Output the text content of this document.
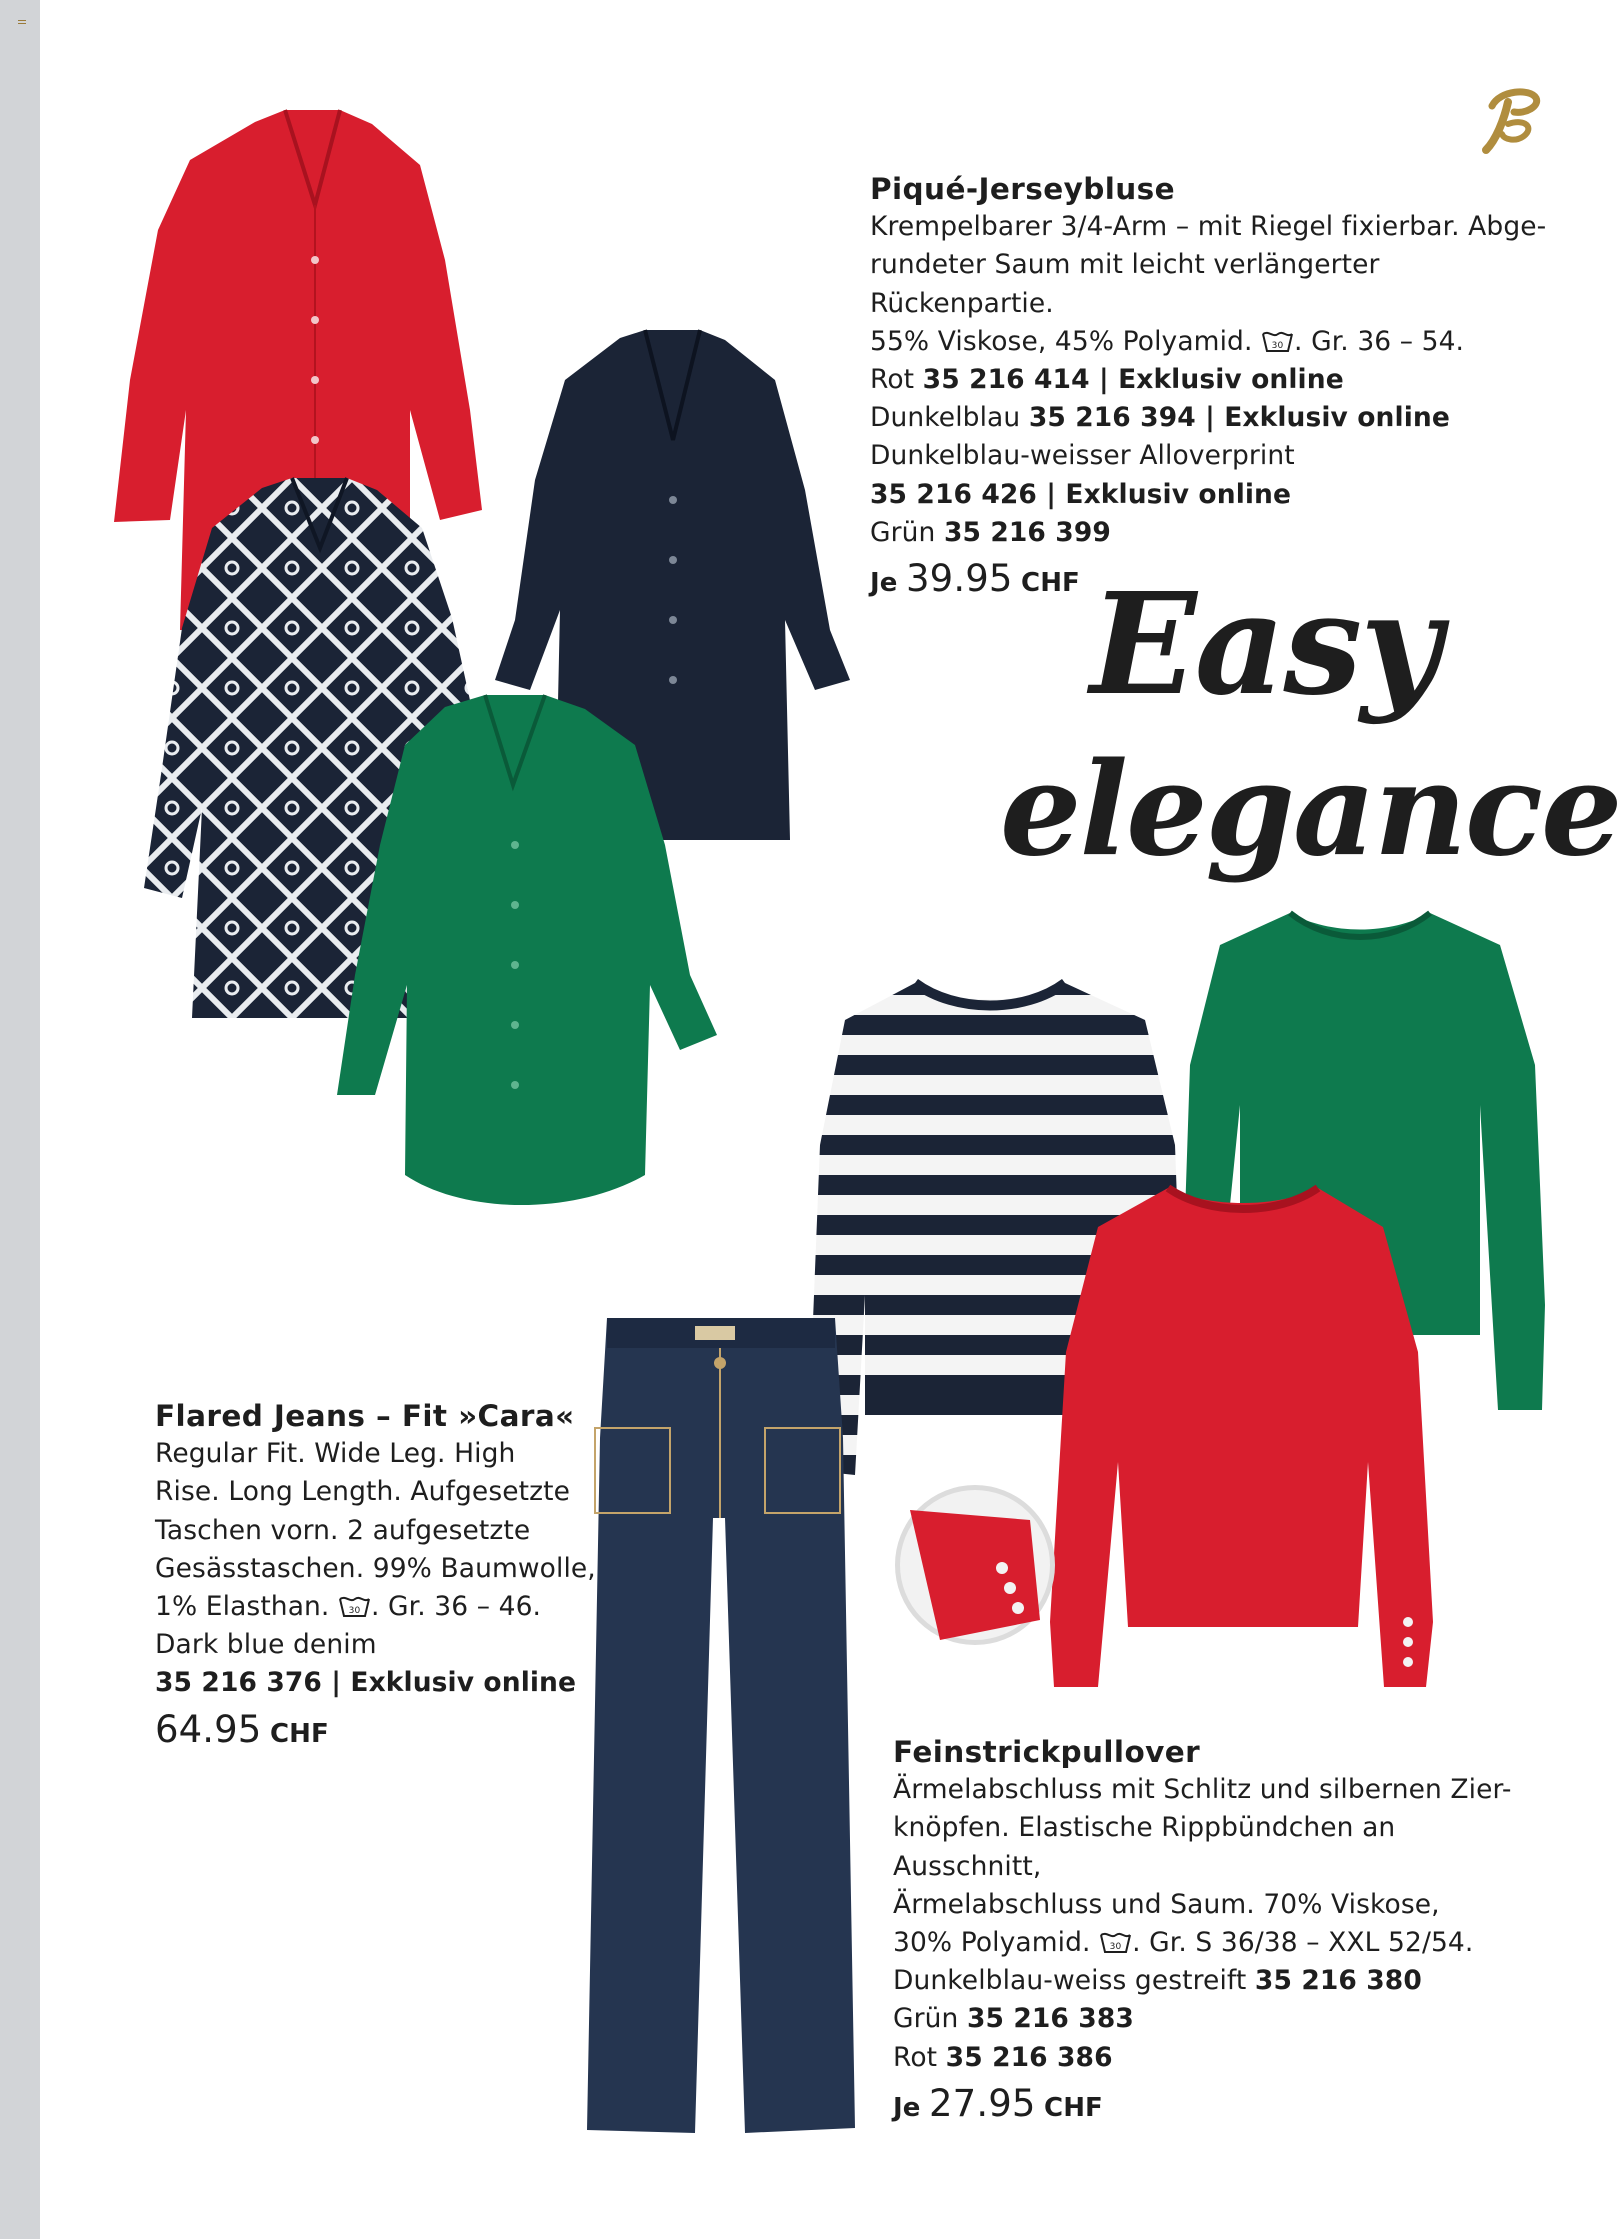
Easy
elegance
Piqué-Jerseybluse
Krempelbarer 3/4-Arm – mit Riegel fixierbar. Abge-
rundeter Saum mit leicht verlängerter Rückenpartie.
55% Viskose, 45% Polyamid. 30 . Gr. 36 – 54.
Rot 35 216 414 | Exklusiv online
Dunkelblau 35 216 394 | Exklusiv online
Dunkelblau-weisser Alloverprint
35 216 426 | Exklusiv online
Grün 35 216 399
Je 39.95 CHF
Flared Jeans – Fit »Cara«
Regular Fit. Wide Leg. High
Rise. Long Length. Aufgesetzte
Taschen vorn. 2 aufgesetzte
Gesässtaschen. 99% Baumwolle,
1% Elasthan. 30 . Gr. 36 – 46.
Dark blue denim
35 216 376 | Exklusiv online
64.95 CHF
Feinstrickpullover
Ärmelabschluss mit Schlitz und silbernen Zier-
knöpfen. Elastische Rippbündchen an Ausschnitt,
Ärmelabschluss und Saum. 70% Viskose,
30% Polyamid. 30 . Gr. S 36/38 – XXL 52/54.
Dunkelblau-weiss gestreift 35 216 380
Grün 35 216 383
Rot 35 216 386
Je 27.95 CHF
